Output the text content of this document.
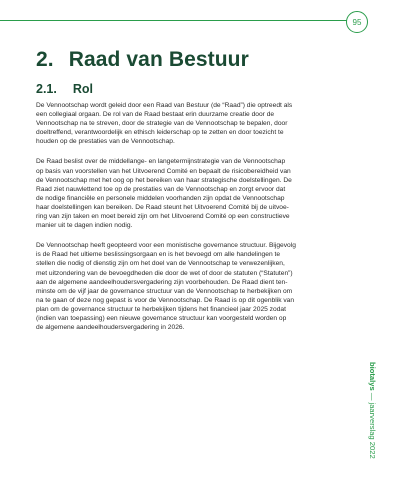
95
2. Raad van Bestuur
2.1. Rol

De Vennootschap wordt geleid door een Raad van Bestuur (de “Raad”) die optreedt als
een collegiaal orgaan. De rol van de Raad bestaat erin duurzame creatie door de
Vennootschap na te streven, door de strategie van de Vennootschap te bepalen, door
doeltreffend, verantwoordelijk en ethisch leiderschap op te zetten en door toezicht te
houden op de prestaties van de Vennootschap.

De Raad beslist over de middellange- en langetermijnstrategie van de Vennootschap
op basis van voorstellen van het Uitvoerend Comité en bepaalt de risicobereidheid van
de Vennootschap met het oog op het bereiken van haar strategische doelstellingen. De
Raad ziet nauwlettend toe op de prestaties van de Vennootschap en zorgt ervoor dat
de nodige financiële en personele middelen voorhanden zijn opdat de Vennootschap
haar doelstellingen kan bereiken. De Raad steunt het Uitvoerend Comité bij de uitvoe-
ring van zijn taken en moet bereid zijn om het Uitvoerend Comité op een constructieve
manier uit te dagen indien nodig.

De Vennootschap heeft geopteerd voor een monistische governance structuur. Bijgevolg
is de Raad het ultieme beslissingsorgaan en is het bevoegd om alle handelingen te
stellen die nodig of dienstig zijn om het doel van de Vennootschap te verwezenlijken,
met uitzondering van de bevoegdheden die door de wet of door de statuten (“Statuten”)
aan de algemene aandeelhoudersvergadering zijn voorbehouden. De Raad dient ten-
minste om de vijf jaar de governance structuur van de Vennootschap te herbekijken om
na te gaan of deze nog gepast is voor de Vennootschap. De Raad is op dit ogenblik van
plan om de governance structuur te herbekijken tijdens het financieel jaar 2025 zodat
(indien van toepassing) een nieuwe governance structuur kan voorgesteld worden op
de algemene aandeelhoudersvergadering in 2026.

biotalys — jaarverslag 2022
